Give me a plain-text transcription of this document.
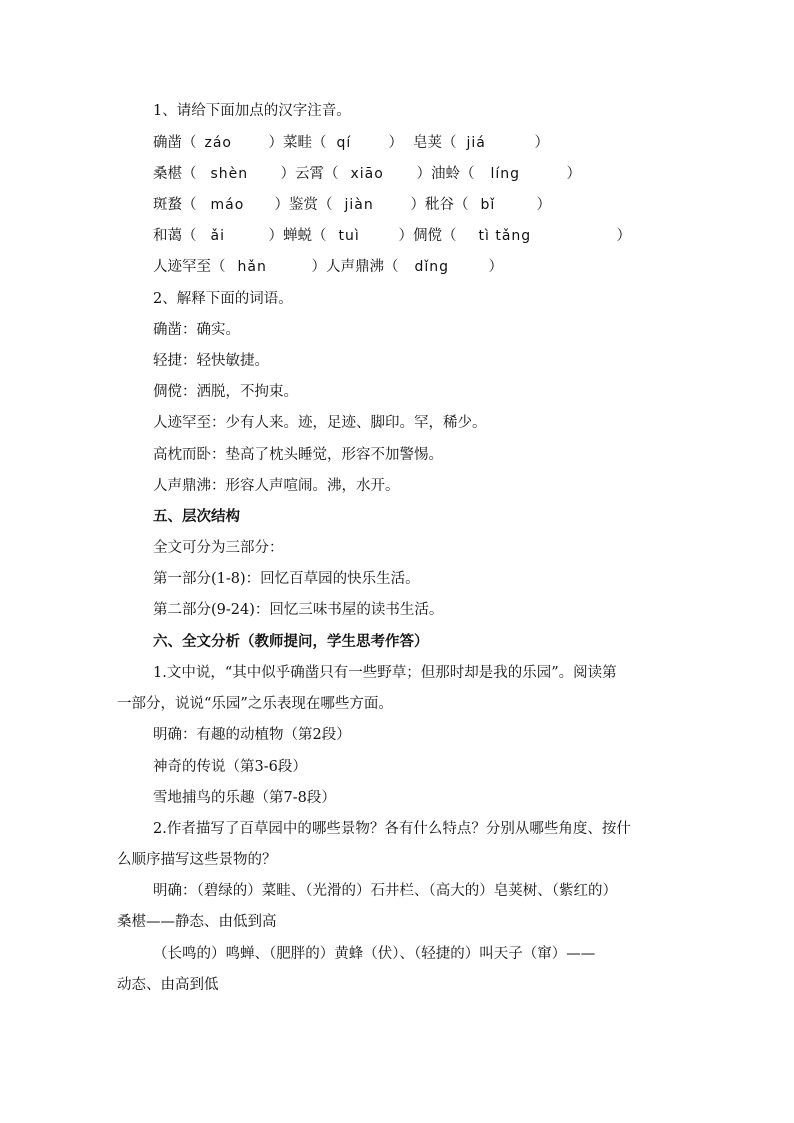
1、请给下面加点的汉字注音。
确凿（ záo	）菜畦（ qí	） 皂荚（ jiá	）
桑椹（ shèn ）云霄（ xiāo ）油蛉（ líng	）
斑蝥（ máo ）鉴赏（ jiàn	）秕谷（ bǐ	）
和蔼（ ǎi	）蝉蜕（ tuì	）倜傥（ tì tǎng	）
人迹罕至（ hǎn	）人声鼎沸（ dǐng	）
2、解释下面的词语。
确凿：确实。
轻捷：轻快敏捷。
倜傥：洒脱，不拘束。
人迹罕至：少有人来。迹，足迹、脚印。罕，稀少。
高枕而卧：垫高了枕头睡觉，形容不加警惕。
人声鼎沸：形容人声喧闹。沸，水开。
五、层次结构
全文可分为三部分：
第一部分(1-8)：回忆百草园的快乐生活。
第二部分(9-24)：回忆三味书屋的读书生活。
六、全文分析（教师提问，学生思考作答）
1.文中说，“其中似乎确凿只有一些野草；但那时却是我的乐园”。阅读第
一部分，说说“乐园”之乐表现在哪些方面。
明确：有趣的动植物（第2段）
神奇的传说（第3-6段）
雪地捕鸟的乐趣（第7-8段）
2.作者描写了百草园中的哪些景物？各有什么特点？分别从哪些角度、按什
么顺序描写这些景物的？
明确：（碧绿的）菜畦、（光滑的）石井栏、（高大的）皂荚树、（紫红的）
桑椹——静态、由低到高
（长鸣的）鸣蝉、（肥胖的）黄蜂（伏）、（轻捷的）叫天子（窜）——
动态、由高到低
